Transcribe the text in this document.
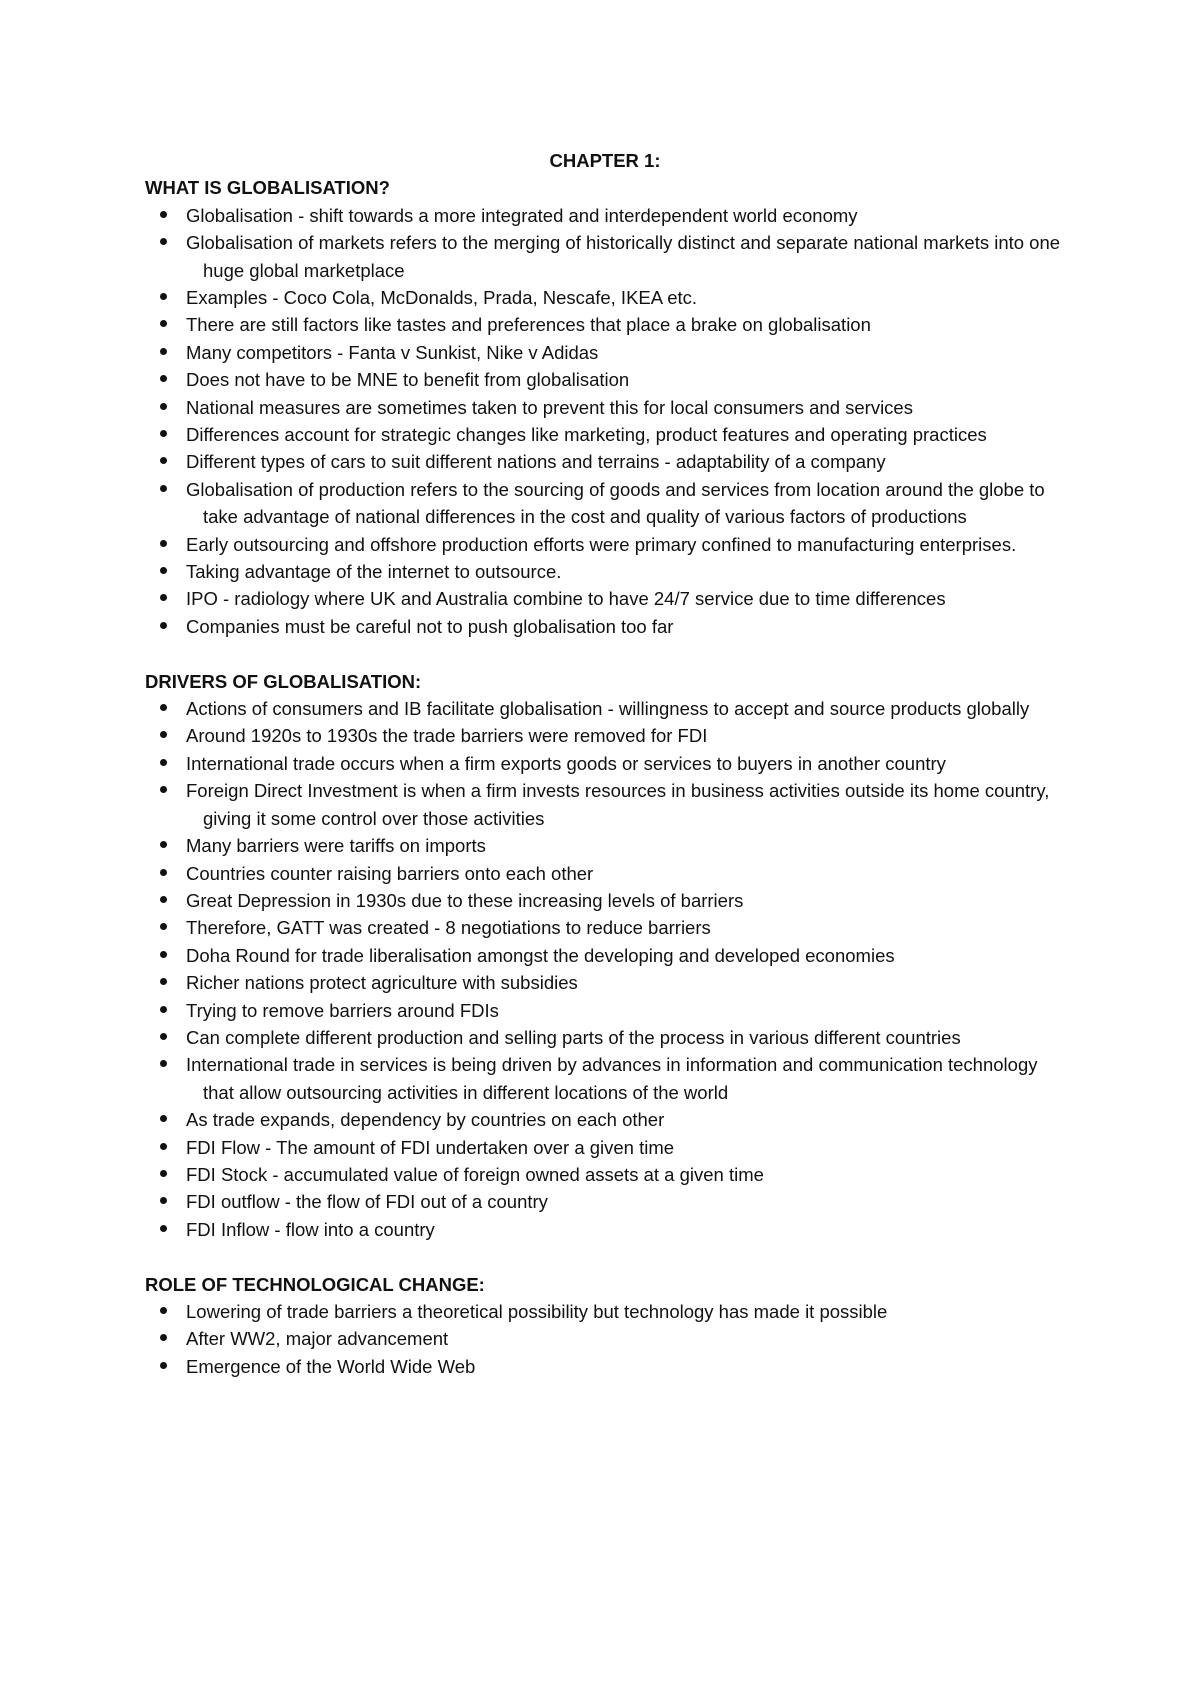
CHAPTER 1:
WHAT IS GLOBALISATION?
Globalisation - shift towards a more integrated and interdependent world economy
Globalisation of markets refers to the merging of historically distinct and separate national markets into one huge global marketplace
Examples - Coco Cola, McDonalds, Prada, Nescafe, IKEA etc.
There are still factors like tastes and preferences that place a brake on globalisation
Many competitors - Fanta v Sunkist, Nike v Adidas
Does not have to be MNE to benefit from globalisation
National measures are sometimes taken to prevent this for local consumers and services
Differences account for strategic changes like marketing, product features and operating practices
Different types of cars to suit different nations and terrains - adaptability of a company
Globalisation of production refers to the sourcing of goods and services from location around the globe to take advantage of national differences in the cost and quality of various factors of productions
Early outsourcing and offshore production efforts were primary confined to manufacturing enterprises.
Taking advantage of the internet to outsource.
IPO - radiology where UK and Australia combine to have 24/7 service due to time differences
Companies must be careful not to push globalisation too far
DRIVERS OF GLOBALISATION:
Actions of consumers and IB facilitate globalisation - willingness to accept and source products globally
Around 1920s to 1930s the trade barriers were removed for FDI
International trade occurs when a firm exports goods or services to buyers in another country
Foreign Direct Investment is when a firm invests resources in business activities outside its home country, giving it some control over those activities
Many barriers were tariffs on imports
Countries counter raising barriers onto each other
Great Depression in 1930s due to these increasing levels of barriers
Therefore, GATT was created - 8 negotiations to reduce barriers
Doha Round for trade liberalisation amongst the developing and developed economies
Richer nations protect agriculture with subsidies
Trying to remove barriers around FDIs
Can complete different production and selling parts of the process in various different countries
International trade in services is being driven by advances in information and communication technology that allow outsourcing activities in different locations of the world
As trade expands, dependency by countries on each other
FDI Flow - The amount of FDI undertaken over a given time
FDI Stock - accumulated value of foreign owned assets at a given time
FDI outflow - the flow of FDI out of a country
FDI Inflow - flow into a country
ROLE OF TECHNOLOGICAL CHANGE:
Lowering of trade barriers a theoretical possibility but technology has made it possible
After WW2, major advancement
Emergence of the World Wide Web
